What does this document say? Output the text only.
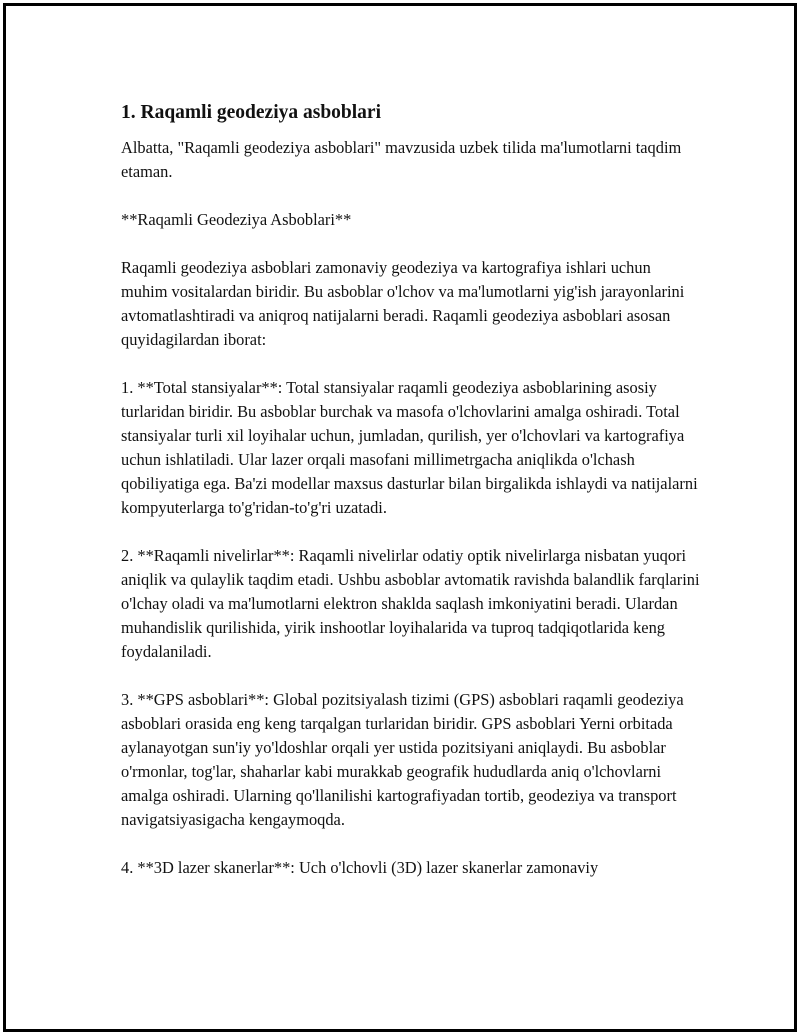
1. Raqamli geodeziya asboblari

Albatta, "Raqamli geodeziya asboblari" mavzusida uzbek tilida ma'lumotlarni taqdim etaman.

**Raqamli Geodeziya Asboblari**

Raqamli geodeziya asboblari zamonaviy geodeziya va kartografiya ishlari uchun muhim vositalardan biridir. Bu asboblar o'lchov va ma'lumotlarni yig'ish jarayonlarini avtomatlashtiradi va aniqroq natijalarni beradi. Raqamli geodeziya asboblari asosan quyidagilardan iborat:

1. **Total stansiyalar**: Total stansiyalar raqamli geodeziya asboblarining asosiy turlaridan biridir. Bu asboblar burchak va masofa o'lchovlarini amalga oshiradi. Total stansiyalar turli xil loyihalar uchun, jumladan, qurilish, yer o'lchovlari va kartografiya uchun ishlatiladi. Ular lazer orqali masofani millimetrgacha aniqlikda o'lchash qobiliyatiga ega. Ba'zi modellar maxsus dasturlar bilan birgalikda ishlaydi va natijalarni kompyuterlarga to'g'ridan-to'g'ri uzatadi.

2. **Raqamli nivelirlar**: Raqamli nivelirlar odatiy optik nivelirlarga nisbatan yuqori aniqlik va qulaylik taqdim etadi. Ushbu asboblar avtomatik ravishda balandlik farqlarini o'lchay oladi va ma'lumotlarni elektron shaklda saqlash imkoniyatini beradi. Ulardan muhandislik qurilishida, yirik inshootlar loyihalarida va tuproq tadqiqotlarida keng foydalaniladi.

3. **GPS asboblari**: Global pozitsiyalash tizimi (GPS) asboblari raqamli geodeziya asboblari orasida eng keng tarqalgan turlaridan biridir. GPS asboblari Yerni orbitada aylanayotgan sun'iy yo'ldoshlar orqali yer ustida pozitsiyani aniqlaydi. Bu asboblar o'rmonlar, tog'lar, shaharlar kabi murakkab geografik hududlarda aniq o'lchovlarni amalga oshiradi. Ularning qo'llanilishi kartografiyadan tortib, geodeziya va transport navigatsiyasigacha kengaymoqda.

4. **3D lazer skanerlar**: Uch o'lchovli (3D) lazer skanerlar zamonaviy
